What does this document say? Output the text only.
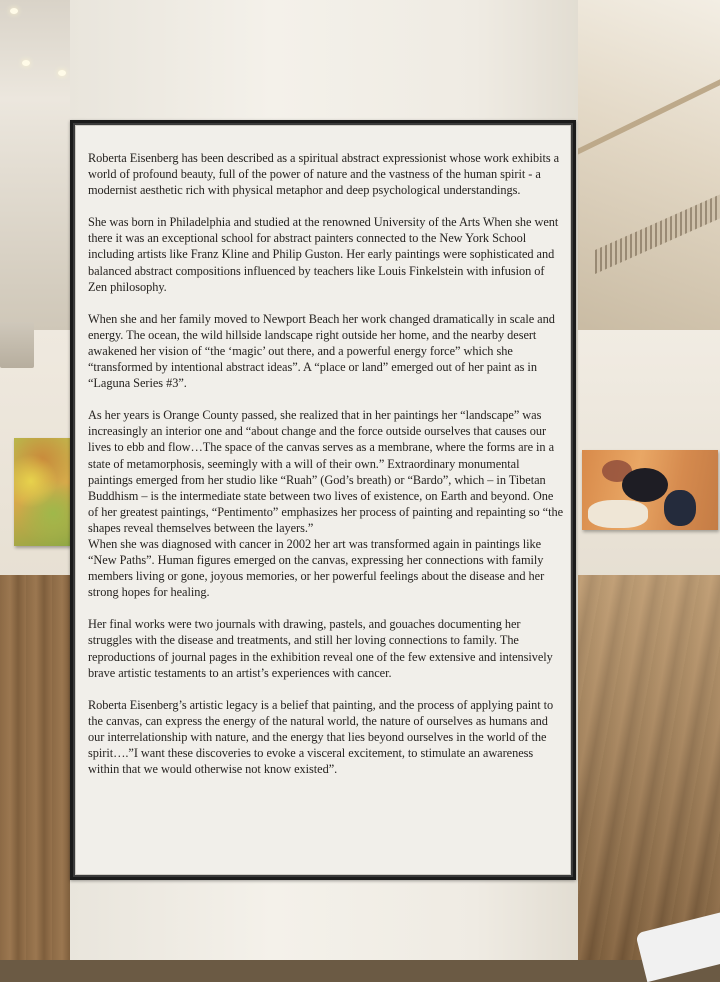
Roberta Eisenberg has been described as a spiritual abstract expressionist whose work exhibits a world of profound beauty, full of the power of nature and the vastness of the human spirit - a modernist aesthetic rich with physical metaphor and deep psychological understandings.

She was born in Philadelphia and studied at the renowned University of the Arts When she went there it was an exceptional school for abstract painters connected to the New York School including artists like Franz Kline and Philip Guston. Her early paintings were sophisticated and balanced abstract compositions influenced by teachers like Louis Finkelstein with infusion of Zen philosophy.

When she and her family moved to Newport Beach her work changed dramatically in scale and energy. The ocean, the wild hillside landscape right outside her home, and the nearby desert awakened her vision of “the ‘magic’ out there, and a powerful energy force” which she “transformed by intentional abstract ideas”. A “place or land” emerged out of her paint as in “Laguna Series #3”.

As her years is Orange County passed, she realized that in her paintings her “landscape” was increasingly an interior one and “about change and the force outside ourselves that causes our lives to ebb and flow…The space of the canvas serves as a membrane, where the forms are in a state of metamorphosis, seemingly with a will of their own.” Extraordinary monumental paintings emerged from her studio like “Ruah” (God’s breath) or “Bardo”, which – in Tibetan Buddhism – is the intermediate state between two lives of existence, on Earth and beyond. One of her greatest paintings, “Pentimento” emphasizes her process of painting and repainting so “the shapes reveal themselves between the layers.”

When she was diagnosed with cancer in 2002 her art was transformed again in paintings like “New Paths”. Human figures emerged on the canvas, expressing her connections with family members living or gone, joyous memories, or her powerful feelings about the disease and her strong hopes for healing.

Her final works were two journals with drawing, pastels, and gouaches documenting her struggles with the disease and treatments, and still her loving connections to family. The reproductions of journal pages in the exhibition reveal one of the few extensive and intensively brave artistic testaments to an artist’s experiences with cancer.

Roberta Eisenberg’s artistic legacy is a belief that painting, and the process of applying paint to the canvas, can express the energy of the natural world, the nature of ourselves as humans and our interrelationship with nature, and the energy that lies beyond ourselves in the world of the spirit….”I want these discoveries to evoke a visceral excitement, to stimulate an awareness within that we would otherwise not know existed”.
